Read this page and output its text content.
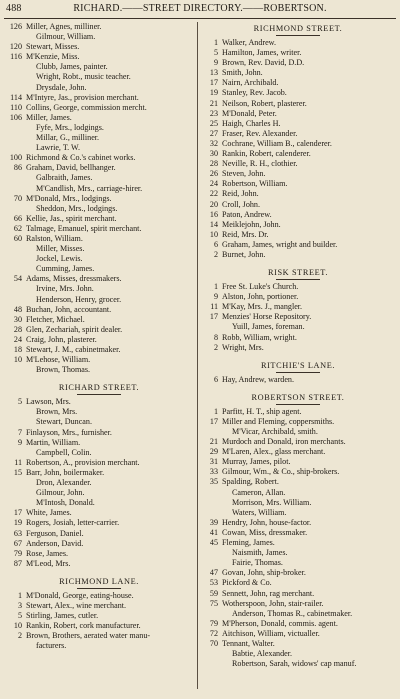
488	RICHARD.——STREET DIRECTORY.——ROBERTSON.
126 Miller, Agnes, milliner.
Gilmour, William.
120 Stewart, Misses.
116 M'Kenzie, Miss.
Clubb, James, painter.
Wright, Robt., music teacher.
Drysdale, John.
114 M'Intyre, Jas., provision merchant.
110 Collins, George, commission mercht.
106 Miller, James.
Fyfe, Mrs., lodgings.
Millar, G., milliner.
Lawrie, T. W.
100 Richmond & Co.'s cabinet works.
86 Graham, David, bellhanger.
Galbraith, James.
M'Candlish, Mrs., carriage-hirer.
70 M'Donald, Mrs., lodgings.
Sheddon, Mrs., lodgings.
66 Kellie, Jas., spirit merchant.
62 Talmage, Emanuel, spirit merchant.
60 Ralston, William.
Miller, Misses.
Jockel, Lewis.
Cumming, James.
54 Adams, Misses, dressmakers.
Irvine, Mrs. John.
Henderson, Henry, grocer.
48 Buchan, John, accountant.
30 Fletcher, Michael.
28 Glen, Zechariah, spirit dealer.
24 Craig, John, plasterer.
18 Stewart, J. M., cabinetmaker.
10 M'Lehose, William.
Brown, Thomas.
RICHARD STREET.
5 Lawson, Mrs.
Brown, Mrs.
Stewart, Duncan.
7 Finlayson, Mrs., furnisher.
9 Martin, William.
Campbell, Colin.
11 Robertson, A., provision merchant.
15 Barr, John, boilermaker.
Dron, Alexander.
Gilmour, John.
M'Intosh, Donald.
17 White, James.
19 Rogers, Josiah, letter-carrier.
63 Ferguson, Daniel.
67 Anderson, David.
79 Rose, James.
87 M'Leod, Mrs.
RICHMOND LANE.
1 M'Donald, George, eating-house.
3 Stewart, Alex., wine merchant.
5 Stirling, James, cutler.
10 Rankin, Robert, cork manufacturer.
2 Brown, Brothers, aerated water manu-
facturers.
RICHMOND STREET.
1 Walker, Andrew.
5 Hamilton, James, writer.
9 Brown, Rev. David, D.D.
13 Smith, John.
17 Nairn, Archibald.
19 Stanley, Rev. Jacob.
21 Neilson, Robert, plasterer.
23 M'Donald, Peter.
25 Haigh, Charles H.
27 Fraser, Rev. Alexander.
32 Cochrane, William B., calenderer.
30 Rankin, Robert, calenderer.
28 Neville, R. H., clothier.
26 Steven, John.
24 Robertson, William.
22 Reid, John.
20 Croll, John.
16 Paton, Andrew.
14 Meiklejohn, John.
10 Reid, Mrs. Dr.
6 Graham, James, wright and builder.
2 Burnet, John.
RISK STREET.
1 Free St. Luke's Church.
9 Alston, John, portioner.
11 M'Kay, Mrs. J., mangler.
17 Menzies' Horse Repository.
Yuill, James, foreman.
8 Robb, William, wright.
2 Wright, Mrs.
RITCHIE'S LANE.
6 Hay, Andrew, warden.
ROBERTSON STREET.
1 Parfitt, H. T., ship agent.
17 Miller and Fleming, coppersmiths.
M'Vicar, Archibald, smith.
21 Murdoch and Donald, iron merchants.
29 M'Laren, Alex., glass merchant.
31 Murray, James, pilot.
33 Gilmour, Wm., & Co., ship-brokers.
35 Spalding, Robert.
Cameron, Allan.
Morrison, Mrs. William.
Waters, William.
39 Hendry, John, house-factor.
41 Cowan, Miss, dressmaker.
45 Fleming, James.
Naismith, James.
Fairie, Thomas.
47 Govan, John, ship-broker.
53 Pickford & Co.
59 Sennett, John, rag merchant.
75 Wotherspoon, John, stair-railer.
Anderson, Thomas R., cabinetmaker.
79 M'Pherson, Donald, commis. agent.
72 Aitchison, William, victualler.
70 Tennant, Walter.
Babtie, Alexander.
Robertson, Sarah, widows' cap manuf.
